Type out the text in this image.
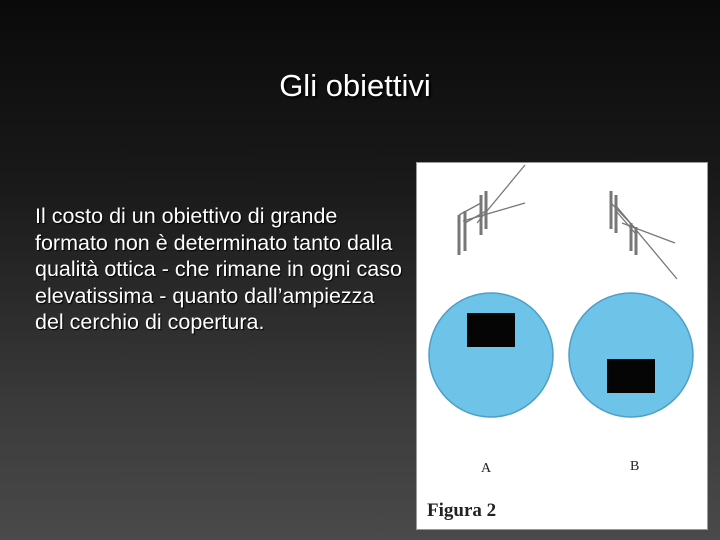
Gli obiettivi
Il costo di un obiettivo di grande formato non è determinato tanto dalla qualità ottica - che rimane in ogni caso elevatissima - quanto dall’ampiezza del cerchio di copertura.
A	B
Figura 2
